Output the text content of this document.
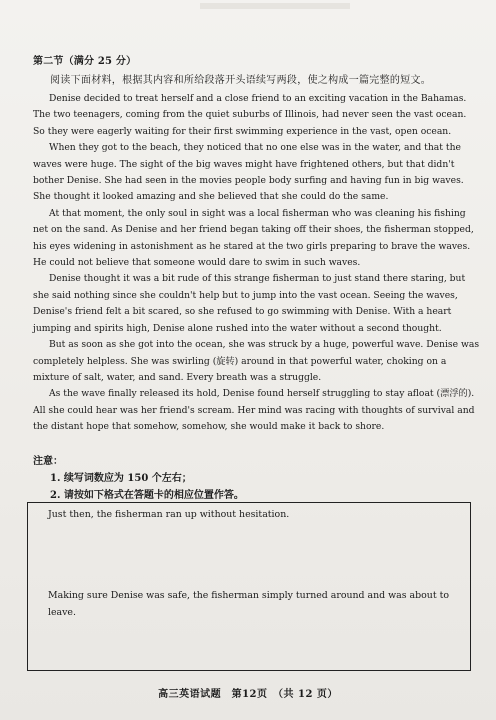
第二节（满分 25 分）
阅读下面材料，根据其内容和所给段落开头语续写两段，使之构成一篇完整的短文。

Denise decided to treat herself and a close friend to an exciting vacation in the Bahamas. The two teenagers, coming from the quiet suburbs of Illinois, had never seen the vast ocean. So they were eagerly waiting for their first swimming experience in the vast, open ocean.

When they got to the beach, they noticed that no one else was in the water, and that the waves were huge. The sight of the big waves might have frightened others, but that didn't bother Denise. She had seen in the movies people body surfing and having fun in big waves. She thought it looked amazing and she believed that she could do the same.

At that moment, the only soul in sight was a local fisherman who was cleaning his fishing net on the sand. As Denise and her friend began taking off their shoes, the fisherman stopped, his eyes widening in astonishment as he stared at the two girls preparing to brave the waves. He could not believe that someone would dare to swim in such waves.

Denise thought it was a bit rude of this strange fisherman to just stand there staring, but she said nothing since she couldn't help but to jump into the vast ocean. Seeing the waves, Denise's friend felt a bit scared, so she refused to go swimming with Denise. With a heart jumping and spirits high, Denise alone rushed into the water without a second thought.

But as soon as she got into the ocean, she was struck by a huge, powerful wave. Denise was completely helpless. She was swirling (旋转) around in that powerful water, choking on a mixture of salt, water, and sand. Every breath was a struggle.

As the wave finally released its hold, Denise found herself struggling to stay afloat (漂浮的). All she could hear was her friend's scream. Her mind was racing with thoughts of survival and the distant hope that somehow, somehow, she would make it back to shore.

注意：
1. 续写词数应为 150 个左右；
2. 请按如下格式在答题卡的相应位置作答。
Just then, the fisherman ran up without hesitation.
Making sure Denise was safe, the fisherman simply turned around and was about to leave.
高三英语试题　第12页　（共 12 页）
